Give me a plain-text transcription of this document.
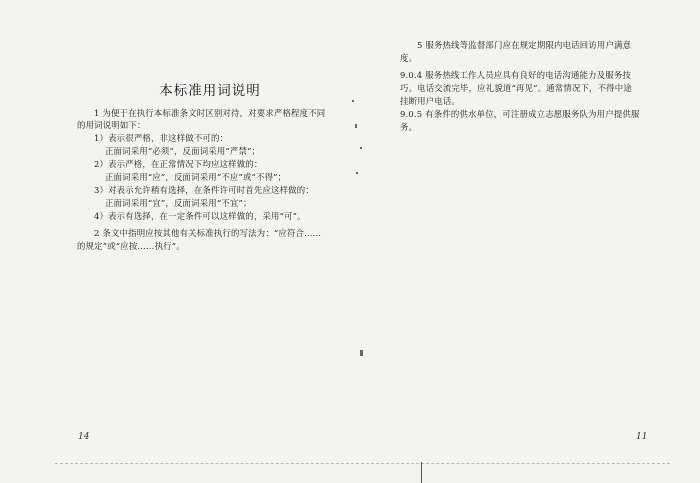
本标准用词说明
1 为便于在执行本标准条文时区别对待，对要求严格程度不同
的用词说明如下：
1）表示很严格，非这样做不可的：
正面词采用“必须”，反面词采用“严禁”；
2）表示严格，在正常情况下均应这样做的：
正面词采用“应”，反面词采用“不应”或“不得”；
3）对表示允许稍有选择，在条件许可时首先应这样做的：
正面词采用“宜”，反面词采用“不宜”；
4）表示有选择，在一定条件可以这样做的，采用“可”。
2 条文中指明应按其他有关标准执行的写法为：“应符合……
的规定”或“应按……执行”。
14
5 服务热线等监督部门应在规定期限内电话回访用户满意
度。
9.0.4 服务热线工作人员应具有良好的电话沟通能力及服务技
巧。电话交流完毕，应礼貌道“再见”。通常情况下，不得中途
挂断用户电话。
9.0.5 有条件的供水单位，可注册成立志愿服务队为用户提供服
务。
11
